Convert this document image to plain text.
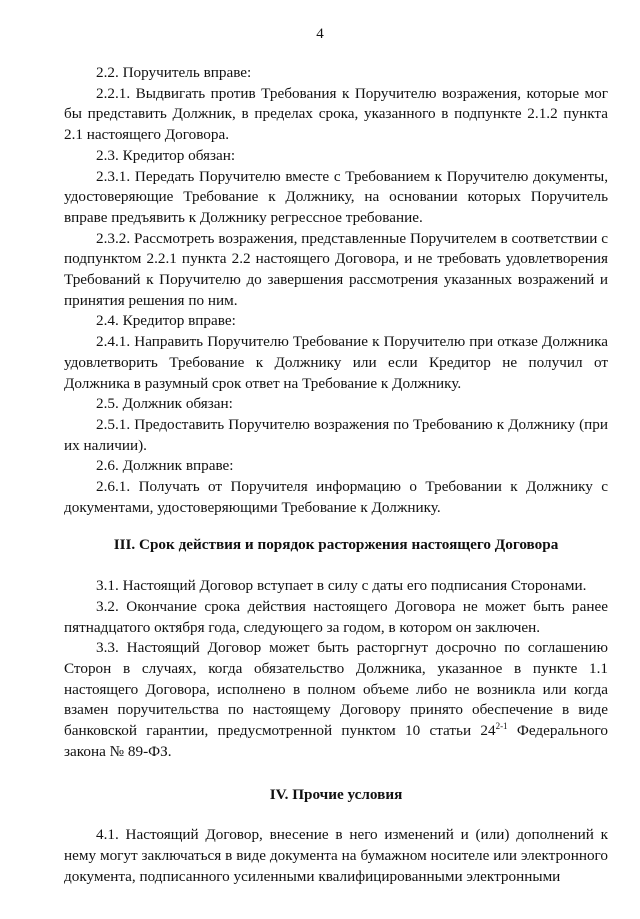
4

2.2. Поручитель вправе:

2.2.1. Выдвигать против Требования к Поручителю возражения, которые мог бы представить Должник, в пределах срока, указанного в подпункте 2.1.2 пункта 2.1 настоящего Договора.

2.3. Кредитор обязан:

2.3.1. Передать Поручителю вместе с Требованием к Поручителю документы, удостоверяющие Требование к Должнику, на основании которых Поручитель вправе предъявить к Должнику регрессное требование.

2.3.2. Рассмотреть возражения, представленные Поручителем в соответствии с подпунктом 2.2.1 пункта 2.2 настоящего Договора, и не требовать удовлетворения Требований к Поручителю до завершения рассмотрения указанных возражений и принятия решения по ним.

2.4. Кредитор вправе:

2.4.1. Направить Поручителю Требование к Поручителю при отказе Должника удовлетворить Требование к Должнику или если Кредитор не получил от Должника в разумный срок ответ на Требование к Должнику.

2.5. Должник обязан:

2.5.1. Предоставить Поручителю возражения по Требованию к Должнику (при их наличии).

2.6. Должник вправе:

2.6.1. Получать от Поручителя информацию о Требовании к Должнику с документами, удостоверяющими Требование к Должнику.

III. Срок действия и порядок расторжения настоящего Договора

3.1. Настоящий Договор вступает в силу с даты его подписания Сторонами.

3.2. Окончание срока действия настоящего Договора не может быть ранее пятнадцатого октября года, следующего за годом, в котором он заключен.

3.3. Настоящий Договор может быть расторгнут досрочно по соглашению Сторон в случаях, когда обязательство Должника, указанное в пункте 1.1 настоящего Договора, исполнено в полном объеме либо не возникла или когда взамен поручительства по настоящему Договору принято обеспечение в виде банковской гарантии, предусмотренной пунктом 10 статьи 24$^{2-1}$ Федерального закона № 89-ФЗ.

IV. Прочие условия

4.1. Настоящий Договор, внесение в него изменений и (или) дополнений к нему могут заключаться в виде документа на бумажном носителе или электронного документа, подписанного усиленными квалифицированными электронными
